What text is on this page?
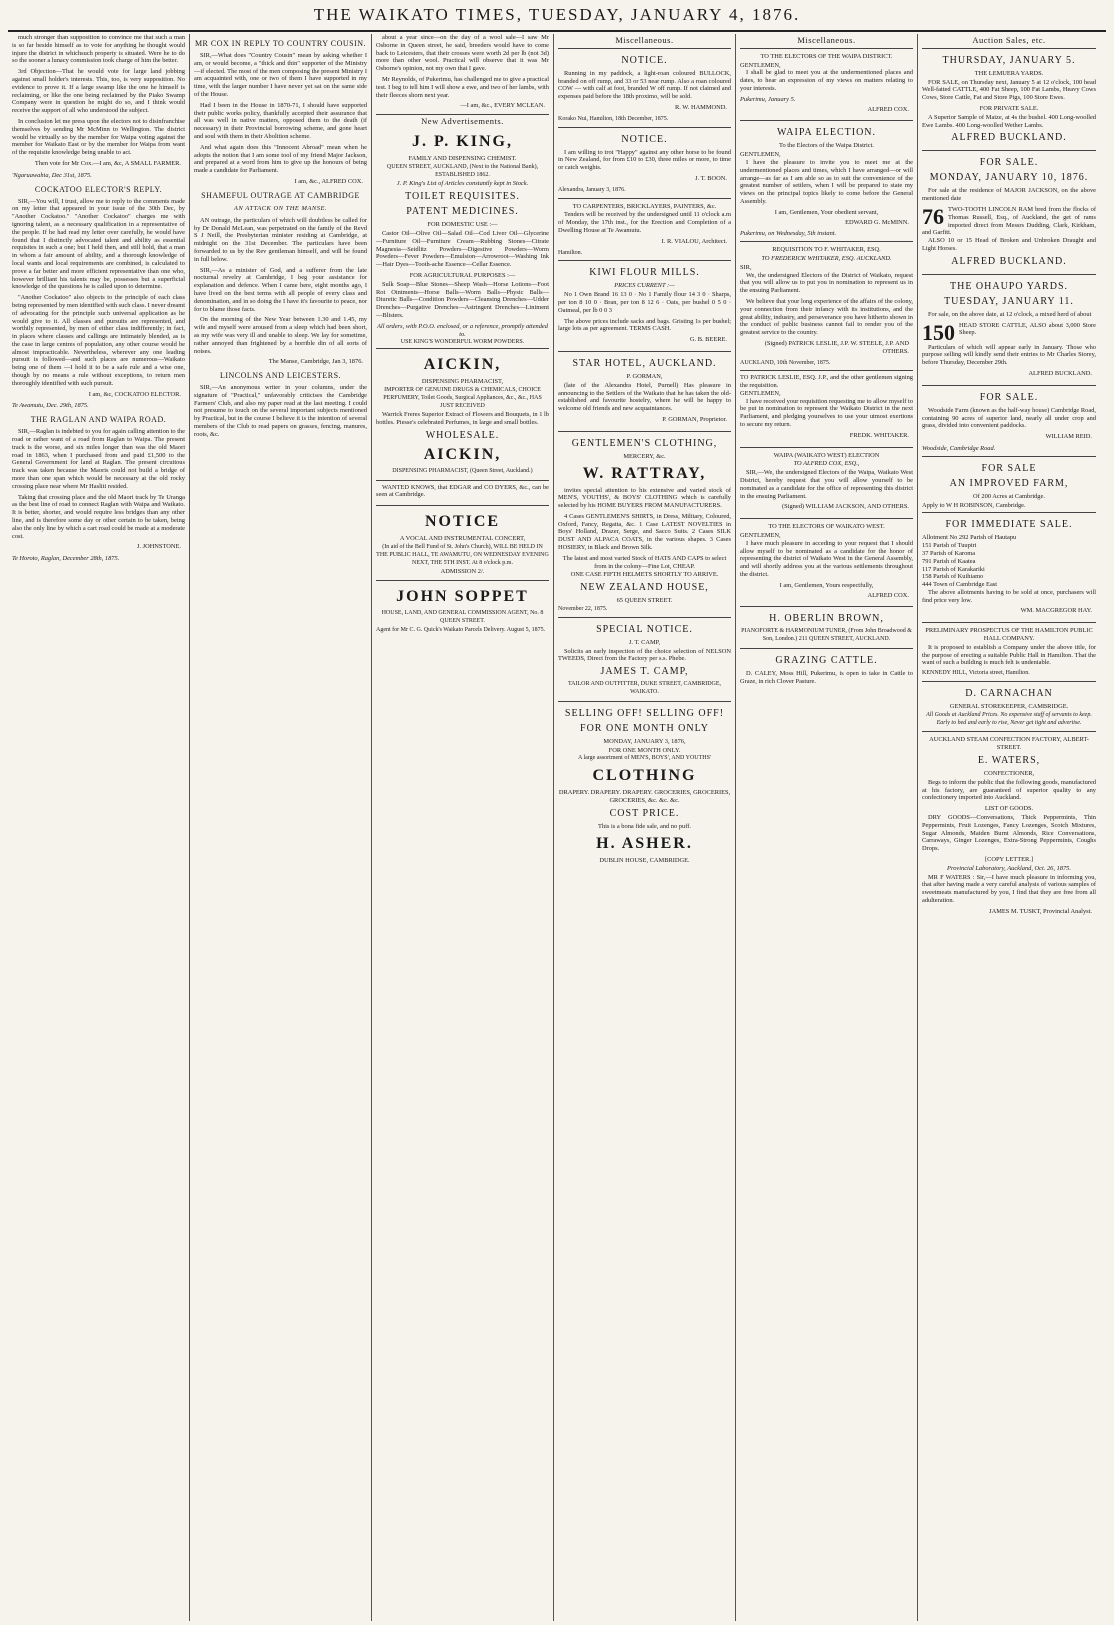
THE WAIKATO TIMES, TUESDAY, JANUARY 4, 1876.

much stronger than supposition to convince me that such a man is so far beside himself as to vote for anything he thought would injure the district in whichsuch property is situated. Were he to do so the sooner a lunacy commission took charge of him the better.

3rd Objection—That he would vote for large land jobbing against small holder's interests. This, too, is very supposition. No evidence to prove it. If a large swamp like the one he himself is reclaiming, or like the one being reclaimed by the Piako Swamp Company were in question he might do so, and I think would receive the support of all who understood the subject.

In conclusion let me press upon the electors not to disinfranchise themselves by sending Mr McMinn to Wellington. The district would be virtually so by the member for Waipa voting against the member for Waikato East or by the member for Waipa from want of the requisite knowledge being unable to act.

Then vote for Mr Cox.—I am, &c, A SMALL FARMER.
'Ngaruawahia, Dec 31st, 1875.
COCKATOO ELECTOR'S REPLY.

SIR,—You will, I trust, allow me to reply to the comments made on my letter that appeared in your issue of the 30th Dec, by "Another Cockatoo." "Another Cockatoo" charges me with ignoring talent, as a necessary qualification in a representative of the people. If he had read my letter over carefully, he would have found that I distinctly advocated talent and ability as essential requisites in such a one; but I held then, and still hold, that a man in whom a fair amount of ability, and a thorough knowledge of local wants and local requirements are combined, is calculated to prove a far better and more efficient representative than one who, however brilliant his talents may be, possesses but a superficial knowledge of the questions he is called upon to determine.

"Another Cockatoo" also objects to the principle of each class being represented by men identified with such class. I never dreamt of advocating for the principle such universal application as he would give to it. All classes and pursuits are represented, and worthily represented, by men of either class indifferently; in fact, in places where classes and callings are intimately blended, as is the case in large centres of population, any other course would be almost impracticable. Nevertheless, wherever any one leading pursuit is followed—and such places are numerous—Waikato being one of them —I hold it to be a safe rule and a wise one, though by no means a rule without exceptions, to return men thoroughly identified with such pursuit.

I am, &c, COCKATOO ELECTOR.
Te Awamutu, Dec. 29th, 1875.
THE RAGLAN AND WAIPA ROAD.

SIR,—Raglan is indebted to you for again calling attention to the road or rather want of a road from Raglan to Waipa. The present track is the worse, and six miles longer than was the old Maori road in 1863, when I purchased from and paid £1,500 to the General Government for land at Raglan. The present circuitous track was taken because the Maoris could not build a bridge of more than one span which would be necessary at the old rocky crossing place near where Mr Hasliti resided.

Taking that crossing place and the old Maori track by Te Uranga as the best line of road to connect Raglan with Waipa and Waikato. It is better, shorter, and would require less bridges than any other line, and is therefore some day or other certain to be taken, being also the only line by which a cart road could be made at a moderate cost.

J. JOHNSTONE.
Te Horoto, Raglan, December 28th, 1875.
MR COX IN REPLY TO COUNTRY COUSIN.

SIR,—What does "Country Cousin" mean by asking whether I am, or would become, a "thick and thin" supporter of the Ministry—if elected. The most of the men composing the present Ministry I am acquainted with, one or two of them I have supported in my time, with the larger number I have never yet sat on the same side of the House.

Had I been in the House in 1870-71, I should have supported their public works policy, thankfully accepted their assurance that all was well in native matters, opposed them to the death (if necessary) in their Provincial borrowing scheme, and gone heart and soul with them in their Abolition scheme.

And what again does this "Innocent Abroad" mean when he adopts the notion that I am some tool of my friend Major Jackson, and prepared at a word from him to give up the honours of being made a candidate for Parliament.

I am, &c., ALFRED COX.
SHAMEFUL OUTRAGE AT CAMBRIDGE
AN ATTACK ON THE MANSE.

AN outrage, the particulars of which will doubtless be called for by Dr Donald McLean, was perpetrated on the family of the Revd S J Neill, the Presbyterian minister residing at Cambridge, at midnight on the 31st December. The particulars have been forwarded to us by the Rev gentleman himself, and will be found in full below.

SIR,—As a minister of God, and a sufferer from the late nocturnal revelry at Cambridge, I beg your assistance for explanation and defence. When I came here, eight months ago, I have lived on the best terms with all people of every class and denomination, and in so doing the I have it's favourite to peace, nor for to blame those facts.

On the morning of the New Year between 1.30 and 1.45, my wife and myself were aroused from a sleep which had been short, as my wife was very ill and unable to sleep. We lay for sometime, rather annoyed than frightened by a horrible din of all sorts of noises.

The Manse, Cambridge, Jan 3, 1876.
LINCOLNS AND LEICESTERS.

SIR,—An anonymous writer in your columns, under the signature of "Practical," unfavorably criticises the Cambridge Farmers' Club, and also my paper read at the last meeting. I could not presume to touch on the several important subjects mentioned by Practical, but in the course I believe it is the intention of several members of the Club to read papers on grasses, fencing, manures, roots, &c.

about a year since—on the day of a wool sale—I saw Mr Osborne in Queen street, he said, breeders would have to come back to Leicesters, that their crosses were worth 2d per lb (not 3d) more than other wool. Practical will observe that it was Mr Osborne's opinion, not my own that I gave.

Mr Reynolds, of Pukerimu, has challenged me to give a practical test. I beg to tell him I will show a ewe, and two of her lambs, with their fleeces shorn next year.

—I am, &c., EVERY MCLEAN.
New Advertisements.
J. P. KING,
FAMILY AND DISPENSING CHEMIST.
QUEEN STREET, AUCKLAND, (Next to the National Bank), ESTABLISHED 1862.
J. P. King's List of Articles constantly kept in Stock.
TOILET REQUISITES.
PATENT MEDICINES.
FOR DOMESTIC USE :—

Castor Oil—Olive Oil—Salad Oil—Cod Liver Oil—Glycerine—Furniture Oil—Furniture Cream—Rubbing Stones—Citrate Magnesia—Seidlitz Powders—Digestive Powders—Worm Powders—Fever Powders—Emulsion—Arrowroot—Washing Ink—Hair Dyes—Tooth-ache Essence—Cellar Essence.

FOR AGRICULTURAL PURPOSES :—

Sulk Soap—Blue Stones—Sheep Wash—Horse Lotions—Foot Rot Ointments—Horse Balls—Worm Balls—Physic Balls—Diuretic Balls—Condition Powders—Cleansing Drenches—Udder Drenches—Purgative Drenches—Astringent Drenches—Liniment—Blisters.

All orders, with P.O.O. enclosed, or a reference, promptly attended to.
USE KING'S WONDERFUL WORM POWDERS.
AICKIN,
DISPENSING PHARMACIST,
IMPORTER OF GENUINE DRUGS & CHEMICALS, CHOICE PERFUMERY, Toilet Goods, Surgical Appliances, &c., &c., HAS JUST RECEIVED

Warrick Freres Superior Extract of Flowers and Bouquets, in 1 lb bottles. Piesse's celebrated Perfumes, in large and small bottles.

WHOLESALE.
AICKIN,
DISPENSING PHARMACIST, (Queen Street, Auckland.)

WANTED KNOWS, that EDGAR and CO DYERS, &c., can be seen at Cambridge.

NOTICE
A VOCAL AND INSTRUMENTAL CONCERT,
(In aid of the Bell Fund of St. John's Church), WILL BE HELD IN THE PUBLIC HALL, TE AWAMUTU, ON WEDNESDAY EVENING NEXT, THE 5TH INST. At 8 o'clock p.m.
ADMISSION 2/.
JOHN SOPPET
HOUSE, LAND, AND GENERAL COMMISSION AGENT, No. 8 QUEEN STREET.
Agent for Mr C. G. Quick's Waikato Parcels Delivery. August 5, 1875.
Miscellaneous.
NOTICE.

Running in my paddock, a light-roan coloured BULLOCK, branded on off rump, and 33 or 53 near rump. Also a roan coloured COW — with calf at foot, branded W off rump. If not claimed and expenses paid before the 18th proximo, will be sold.

R. W. HAMMOND.
Korako Nui, Hamilton, 18th December, 1875.
NOTICE.

I am willing to trot "Happy" against any other horse to be found in New Zealand, for from £10 to £30, three miles or more, to time or catch weights.

J. T. BOON.
Alexandra, January 3, 1876.
TO CARPENTERS, BRICKLAYERS, PAINTERS, &c.

Tenders will be received by the undersigned until 11 o'clock a.m of Monday, the 17th inst., for the Erection and Completion of a Dwelling House at Te Awamutu.

I. R. VIALOU, Architect.
Hamilton.
KIWI FLOUR MILLS.
PRICES CURRENT :—

No 1 Own Brand 16 13 0 · No 1 Family flour 14 3 0 · Sharps, per ton 8 10 0 · Bran, per ton 8 12 6 · Oats, per bushel 0 5 0 · Oatmeal, per lb 0 0 3

The above prices include sacks and bags. Gristing 1s per bushel; large lots as per agreement. TERMS CASH.

G. B. BEERE.
STAR HOTEL, AUCKLAND.
P. GORMAN,

(late of the Alexandra Hotel, Purnell) Has pleasure in announcing to the Settlers of the Waikato that he has taken the old-established and favourite hostelry, where he will be happy to welcome old friends and new acquaintances.

P. GORMAN, Proprietor.
GENTLEMEN'S CLOTHING,
MERCERY, &c.
W. RATTRAY,

invites special attention to his extensive and varied stock of MEN'S, YOUTHS', & BOYS' CLOTHING which is carefully selected by his HOME BUYERS FROM MANUFACTURERS.

4 Cases GENTLEMEN'S SHIRTS, in Dress, Military, Coloured, Oxford, Fancy, Regatta, &c. 1 Case LATEST NOVELTIES in Boys' Holland, Drazer, Serge, and Sacco Suits. 2 Cases SILK DUST AND ALPACA COATS, in the various shapes. 3 Cases HOSIERY, in Black and Brown Silk.

The latest and most varied Stock of HATS AND CAPS to select from in the colony—Fine Lot, CHEAP.
ONE CASE FIFTH HELMETS SHORTLY TO ARRIVE.
NEW ZEALAND HOUSE,
65 QUEEN STREET.
November 22, 1875.
SPECIAL NOTICE.
J. T. CAMP,

Solicits an early inspection of the choice selection of NELSON TWEEDS, Direct from the Factory per s.s. Phebe.

JAMES T. CAMP,
TAILOR AND OUTFITTER, DUKE STREET, CAMBRIDGE, WAIKATO.
SELLING OFF! SELLING OFF!
FOR ONE MONTH ONLY
MONDAY, JANUARY 3, 1876,
FOR ONE MONTH ONLY.
A large assortment of MEN'S, BOYS', AND YOUTHS'
CLOTHING
DRAPERY. DRAPERY. DRAPERY. GROCERIES, GROCERIES, GROCERIES, &c. &c. &c.
COST PRICE.
This is a bona fide sale, and no puff.
H. ASHER.
DUBLIN HOUSE, CAMBRIDGE.
Miscellaneous.
TO THE ELECTORS OF THE WAIPA DISTRICT.
GENTLEMEN,

I shall be glad to meet you at the undermentioned places and dates, to hear an expression of my views on matters relating to your interests.

Pukerimu, January 5.
ALFRED COX.
WAIPA ELECTION.
To the Electors of the Waipa District.
GENTLEMEN,

I have the pleasure to invite you to meet me at the undermentioned places and times, which I have arranged—or will arrange—as far as I am able so as to suit the convenience of the greatest number of settlers, when I will be prepared to state my views on the principal topics likely to come before the General Assembly.

I am, Gentlemen, Your obedient servant,
EDWARD G. McMINN.
Pukerimu, on Wednesday, 5th instant.
REQUISITION TO F. WHITAKER, ESQ.
TO FREDERICK WHITAKER, ESQ. AUCKLAND.
SIR,

We, the undersigned Electors of the District of Waikato, request that you will allow us to put you in nomination to represent us in the ensuing Parliament.

We believe that your long experience of the affairs of the colony, your connection from their infancy with its institutions, and the great ability, industry, and perseverance you have hitherto shown in the conduct of public business cannot fail to render you of the greatest service to the country.

(Signed) PATRICK LESLIE, J.P. W. STEELE, J.P. AND OTHERS.
AUCKLAND, 10th November, 1875.
TO PATRICK LESLIE, ESQ. J.P., and the other gentlemen signing the requisition.
GENTLEMEN,

I have received your requisition requesting me to allow myself to be put in nomination to represent the Waikato District in the next Parliament, and pledging yourselves to use your utmost exertions to secure my return.

FREDK. WHITAKER.
WAIPA (WAIKATO WEST) ELECTION
TO ALFRED COX, ESQ.,

SIR,—We, the undersigned Electors of the Waipa, Waikato West District, hereby request that you will allow yourself to be nominated as a candidate for the office of representing this district in the ensuing Parliament.

(Signed) WILLIAM JACKSON, AND OTHERS.
TO THE ELECTORS OF WAIKATO WEST.
GENTLEMEN,

I have much pleasure in acceding to your request that I should allow myself to be nominated as a candidate for the honor of representing the district of Waikato West in the General Assembly, and will shortly address you at the various settlements throughout the district.

I am, Gentlemen, Yours respectfully,
ALFRED COX.
H. OBERLIN BROWN,
PIANOFORTE & HARMONIUM TUNER, (From John Broadwood & Son, London.) 211 QUEEN STREET, AUCKLAND.
GRAZING CATTLE.

D. CALEY, Moss Hill, Pukerimu, is open to take in Cattle to Graze, in rich Clover Pasture.

Auction Sales, etc.
THURSDAY, JANUARY 5.
THE LEMUERA YARDS.

FOR SALE, on Thursday next, January 5 at 12 o'clock, 100 head Well-fatted CATTLE, 400 Fat Sheep, 100 Fat Lambs, Heavy Cows Cows, Store Cattle, Fat and Store Pigs, 100 Store Ewes.

FOR PRIVATE SALE.

A Superior Sample of Maize, at 4s the bushel. 400 Long-woolled Ewe Lambs. 400 Long-woolled Wether Lambs.

ALFRED BUCKLAND.
FOR SALE.
MONDAY, JANUARY 10, 1876.

For sale at the residence of MAJOR JACKSON, on the above mentioned date

76 TWO-TOOTH LINCOLN RAM bred from the flocks of Thomas Russell, Esq., of Auckland, the get of rams imported direct from Messrs Dudding, Clark, Kirkham, and Garfitt.

ALSO 10 or 15 Head of Broken and Unbroken Draught and Light Horses.

ALFRED BUCKLAND.
THE OHAUPO YARDS.
TUESDAY, JANUARY 11.

For sale, on the above date, at 12 o'clock, a mixed herd of about

150 HEAD STORE CATTLE, ALSO about 3,000 Store Sheep.

Particulars of which will appear early in January. Those who purpose selling will kindly send their entries to Mr Charles Storey, before Thursday, December 29th.

ALFRED BUCKLAND.
FOR SALE.

Woodside Farm (known as the half-way house) Cambridge Road, containing 90 acres of superior land, nearly all under crop and grass, divided into convenient paddocks.

WILLIAM REID.
Woodside, Cambridge Road.
FOR SALE
AN IMPROVED FARM,
Of 200 Acres at Cambridge.
Apply to W H ROBINSON, Cambridge.
FOR IMMEDIATE SALE.
Allotment No 292 Parish of Hautapu
151 Parish of Tuupiri
37 Parish of Karoma
791 Parish of Kaatea
117 Parish of Karakariki
158 Parish of Kuihiamo
444 Town of Cambridge East

The above allotments having to be sold at once, purchasers will find price very low.

WM. MACGREGOR HAY.
PRELIMINARY PROSPECTUS OF THE HAMILTON PUBLIC HALL COMPANY.

It is proposed to establish a Company under the above title, for the purpose of erecting a suitable Public Hall in Hamilton. That the want of such a building is much felt is undeniable.

KENNEDY HILL, Victoria street, Hamilton.
D. CARNACHAN
GENERAL STOREKEEPER, CAMBRIDGE.
All Goods at Auckland Prices. No expensive staff of servants to keep. Early to bed and early to rise, Never get tight and advertise.
AUCKLAND STEAM CONFECTION FACTORY, ALBERT-STREET.
E. WATERS,
CONFECTIONER,

Begs to inform the public that the following goods, manufactured at his factory, are guaranteed of superior quality to any confectionery imported into Auckland.

LIST OF GOODS.

DRY GOODS—Conversations, Thick Peppermints, Thin Peppermints, Fruit Lozenges, Fancy Lozenges, Scotch Mixtures, Sugar Almonds, Maiden Burnt Almonds, Rice Conversations, Carraways, Ginger Lozenges, Extra-Strong Peppermints, Coughs Drops.

[COPY LETTER.]
Provincial Laboratory, Auckland, Oct. 26, 1875.

MR F WATERS : Sir,—I have much pleasure in informing you, that after having made a very careful analysis of various samples of sweetmeats manufactured by you, I find that they are free from all adulteration.

JAMES M. TUSKT, Provincial Analyst.
